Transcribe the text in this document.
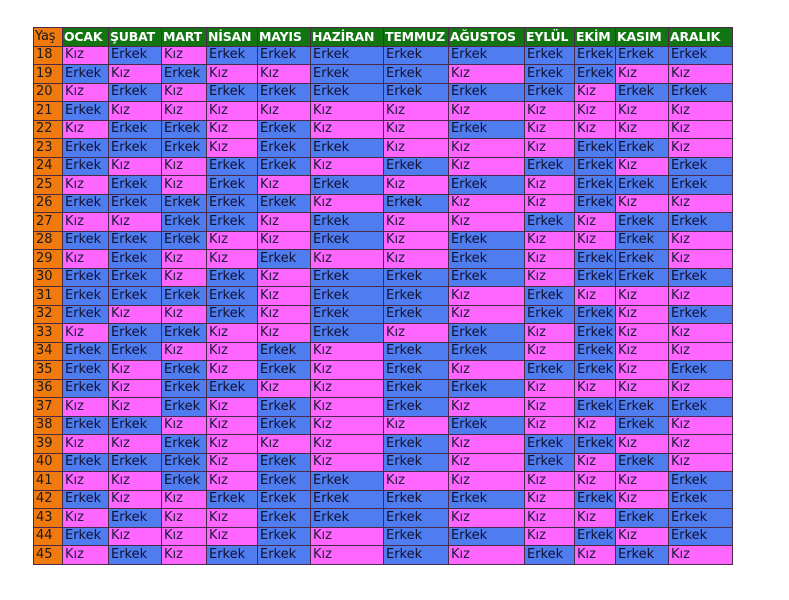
Yaş	OCAK	ŞUBAT	MART	NİSAN	MAYIS	HAZİRAN	TEMMUZ	AĞUSTOS	EYLÜL	EKİM	KASIM	ARALIK
18	Kız	Erkek	Kız	Erkek	Erkek	Erkek	Erkek	Erkek	Erkek	Erkek	Erkek	Erkek
19	Erkek	Kız	Erkek	Kız	Kız	Erkek	Erkek	Kız	Erkek	Erkek	Kız	Kız
20	Kız	Erkek	Kız	Erkek	Erkek	Erkek	Erkek	Erkek	Erkek	Kız	Erkek	Erkek
21	Erkek	Kız	Kız	Kız	Kız	Kız	Kız	Kız	Kız	Kız	Kız	Kız
22	Kız	Erkek	Erkek	Kız	Erkek	Kız	Kız	Erkek	Kız	Kız	Kız	Kız
23	Erkek	Erkek	Erkek	Kız	Erkek	Erkek	Kız	Kız	Kız	Erkek	Erkek	Kız
24	Erkek	Kız	Kız	Erkek	Erkek	Kız	Erkek	Kız	Erkek	Erkek	Kız	Erkek
25	Kız	Erkek	Kız	Erkek	Kız	Erkek	Kız	Erkek	Kız	Erkek	Erkek	Erkek
26	Erkek	Erkek	Erkek	Erkek	Erkek	Kız	Erkek	Kız	Kız	Erkek	Kız	Kız
27	Kız	Kız	Erkek	Erkek	Kız	Erkek	Kız	Kız	Erkek	Kız	Erkek	Erkek
28	Erkek	Erkek	Erkek	Kız	Kız	Erkek	Kız	Erkek	Kız	Kız	Erkek	Kız
29	Kız	Erkek	Kız	Kız	Erkek	Kız	Kız	Erkek	Kız	Erkek	Erkek	Kız
30	Erkek	Erkek	Kız	Erkek	Kız	Erkek	Erkek	Erkek	Kız	Erkek	Erkek	Erkek
31	Erkek	Erkek	Erkek	Erkek	Kız	Erkek	Erkek	Kız	Erkek	Kız	Kız	Kız
32	Erkek	Kız	Kız	Erkek	Kız	Erkek	Erkek	Kız	Erkek	Erkek	Kız	Erkek
33	Kız	Erkek	Erkek	Kız	Kız	Erkek	Kız	Erkek	Kız	Erkek	Kız	Kız
34	Erkek	Erkek	Kız	Kız	Erkek	Kız	Erkek	Erkek	Kız	Erkek	Kız	Kız
35	Erkek	Kız	Erkek	Kız	Erkek	Kız	Erkek	Kız	Erkek	Erkek	Kız	Erkek
36	Erkek	Kız	Erkek	Erkek	Kız	Kız	Erkek	Erkek	Kız	Kız	Kız	Kız
37	Kız	Kız	Erkek	Kız	Erkek	Kız	Erkek	Kız	Kız	Erkek	Erkek	Erkek
38	Erkek	Erkek	Kız	Kız	Erkek	Kız	Kız	Erkek	Kız	Kız	Erkek	Kız
39	Kız	Kız	Erkek	Kız	Kız	Kız	Erkek	Kız	Erkek	Erkek	Kız	Kız
40	Erkek	Erkek	Erkek	Kız	Erkek	Kız	Erkek	Kız	Erkek	Kız	Erkek	Kız
41	Kız	Kız	Erkek	Kız	Erkek	Erkek	Kız	Kız	Kız	Kız	Kız	Erkek
42	Erkek	Kız	Kız	Erkek	Erkek	Erkek	Erkek	Erkek	Kız	Erkek	Kız	Erkek
43	Kız	Erkek	Kız	Kız	Erkek	Erkek	Erkek	Kız	Kız	Kız	Erkek	Erkek
44	Erkek	Kız	Kız	Kız	Erkek	Kız	Erkek	Erkek	Kız	Erkek	Kız	Erkek
45	Kız	Erkek	Kız	Erkek	Erkek	Kız	Erkek	Kız	Erkek	Kız	Erkek	Kız
